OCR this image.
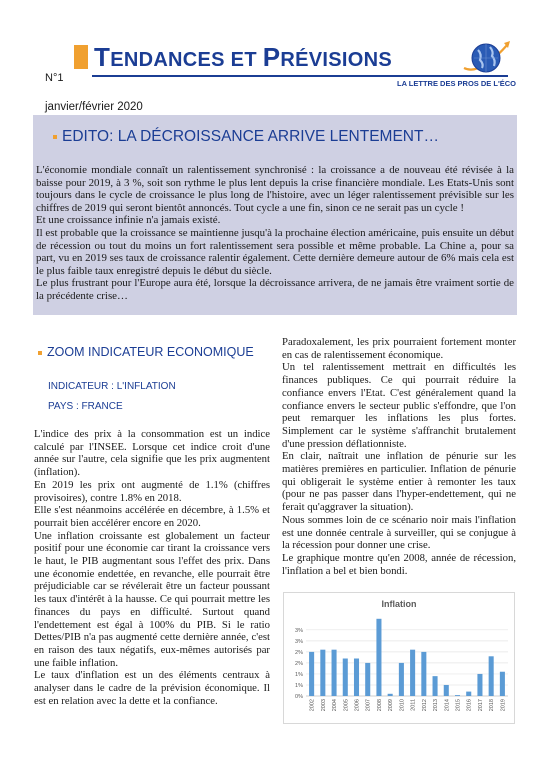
TENDANCES ET PRÉVISIONS
N°1	LA LETTRE DES PROS DE L'ÉCO
janvier/février 2020
EDITO: LA DÉCROISSANCE ARRIVE LENTEMENT…

L'économie mondiale connaît un ralentissement synchronisé : la croissance a de nouveau été révisée à la baisse pour 2019, à 3 %, soit son rythme le plus lent depuis la crise financière mondiale. Les Etats-Unis sont toujours dans le cycle de croissance le plus long de l'histoire, avec un léger ralentissement prévisible sur les chiffres de 2019 qui seront bientôt annoncés. Tout cycle a une fin, sinon ce ne serait pas un cycle !

Et une croissance infinie n'a jamais existé.

Il est probable que la croissance se maintienne jusqu'à la prochaine élection américaine, puis ensuite un début de récession ou tout du moins un fort ralentissement sera possible et même probable. La Chine a, pour sa part, vu en 2019 ses taux de croissance ralentir également. Cette dernière demeure autour de 6% mais cela est le plus faible taux enregistré depuis le début du siècle.

Le plus frustrant pour l'Europe aura été, lorsque la décroissance arrivera, de ne jamais être vraiment sortie de la précédente crise…

ZOOM INDICATEUR ECONOMIQUE
INDICATEUR : L'INFLATION
PAYS : FRANCE

L'indice des prix à la consommation est un indice calculé par l'INSEE. Lorsque cet indice croit d'une année sur l'autre, cela signifie que les prix augmentent (inflation).

En 2019 les prix ont augmenté de 1.1% (chiffres provisoires), contre 1.8% en 2018.

Elle s'est néanmoins accélérée en décembre, à 1.5% et pourrait bien accélérer encore en 2020.

Une inflation croissante est globalement un facteur positif pour une économie car tirant la croissance vers le haut, le PIB augmentant sous l'effet des prix. Dans une économie endettée, en revanche, elle pourrait être préjudiciable car se révélerait être un facteur poussant les taux d'intérêt à la hausse. Ce qui pourrait mettre les finances du pays en difficulté. Surtout quand l'endettement est égal à 100% du PIB. Si le ratio Dettes/PIB n'a pas augmenté cette dernière année, c'est en raison des taux négatifs, eux-mêmes autorisés par une faible inflation.

Le taux d'inflation est un des éléments centraux à analyser dans le cadre de la prévision économique. Il est en relation avec la dette et la confiance.

Paradoxalement, les prix pourraient fortement monter en cas de ralentissement économique.

Un tel ralentissement mettrait en difficultés les finances publiques. Ce qui pourrait réduire la confiance envers l'Etat. C'est généralement quand la confiance envers le secteur public s'effondre, que l'on peut remarquer les inflations les plus fortes. Simplement car le système s'affranchit brutalement d'une pression déflationniste.

En clair, naîtrait une inflation de pénurie sur les matières premières en particulier. Inflation de pénurie qui obligerait le système entier à remonter les taux (pour ne pas passer dans l'hyper-endettement, qui ne ferait qu'aggraver la situation).

Nous sommes loin de ce scénario noir mais l'inflation est une donnée centrale à surveiller, qui se conjugue à la récession pour donner une crise.

Le graphique montre qu'en 2008, année de récession, l'inflation a bel et bien bondi.

Inflation
0%
1%
1%
2%
2%
3%
3%
2002 2003 2004 2005 2006 2007 2008 2009 2010 2011 2012 2013 2014 2015 2016 2017 2018 2019
